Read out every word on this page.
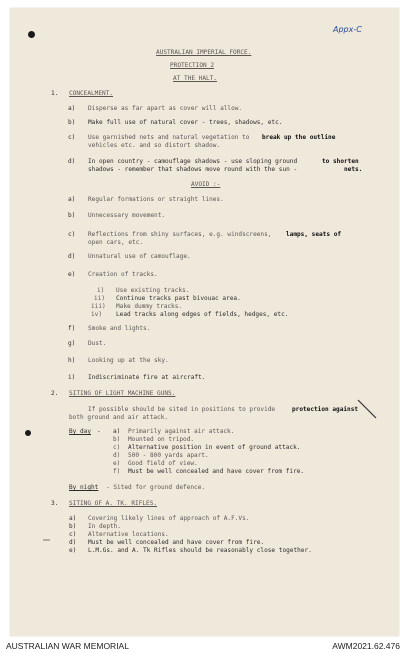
Appx-C
AUSTRALIAN IMPERIAL FORCE.
PROTECTION 2
AT THE HALT.
1. CONCEALMENT.
a) Disperse as far apart as cover will allow.
b) Make full use of natural cover - trees, shadows, etc.
c) Use garnished nets and natural vegetation to break up the outline
vehicles etc. and so distort shadow.
d) In open country - camouflage shadows - use sloping ground	to shorten
shadows - remember that shadows move round with the sun -	nets.
AVOID :-
a) Regular formations or straight lines.
b) Unnecessary movement.
c) Reflections from shiny surfaces, e.g. windscreens, lamps, seats of
open cars, etc.
d) Unnatural use of camouflage.
e) Creation of tracks.
i) Use existing tracks.
ii) Continue tracks past bivouac area.
iii) Make dummy tracks.
iv) Lead tracks along edges of fields, hedges, etc.
f) Smoke and lights.
g) Dust.
h) Looking up at the sky.
i) Indiscriminate fire at aircraft.
2. SITING OF LIGHT MACHINE GUNS.
If possible should be sited in positions to provide	protection against
both ground and air attack.
By day - a) Primarily against air attack.
b) Mounted on tripod.
c) Alternative position in event of ground attack.
d) 500 - 800 yards apart.
e) Good field of view.
f) Must be well concealed and have cover from fire.
By night - Sited for ground defence.
3. SITING OF A. TK. RIFLES.
a) Covering likely lines of approach of A.F.Vs.
b) In depth.
c) Alternative locations.
d) Must be well concealed and have cover from fire.
e) L.M.Gs. and A. Tk Rifles should be reasonably close together.
AUSTRALIAN WAR MEMORIAL	AWM2021.62.476
